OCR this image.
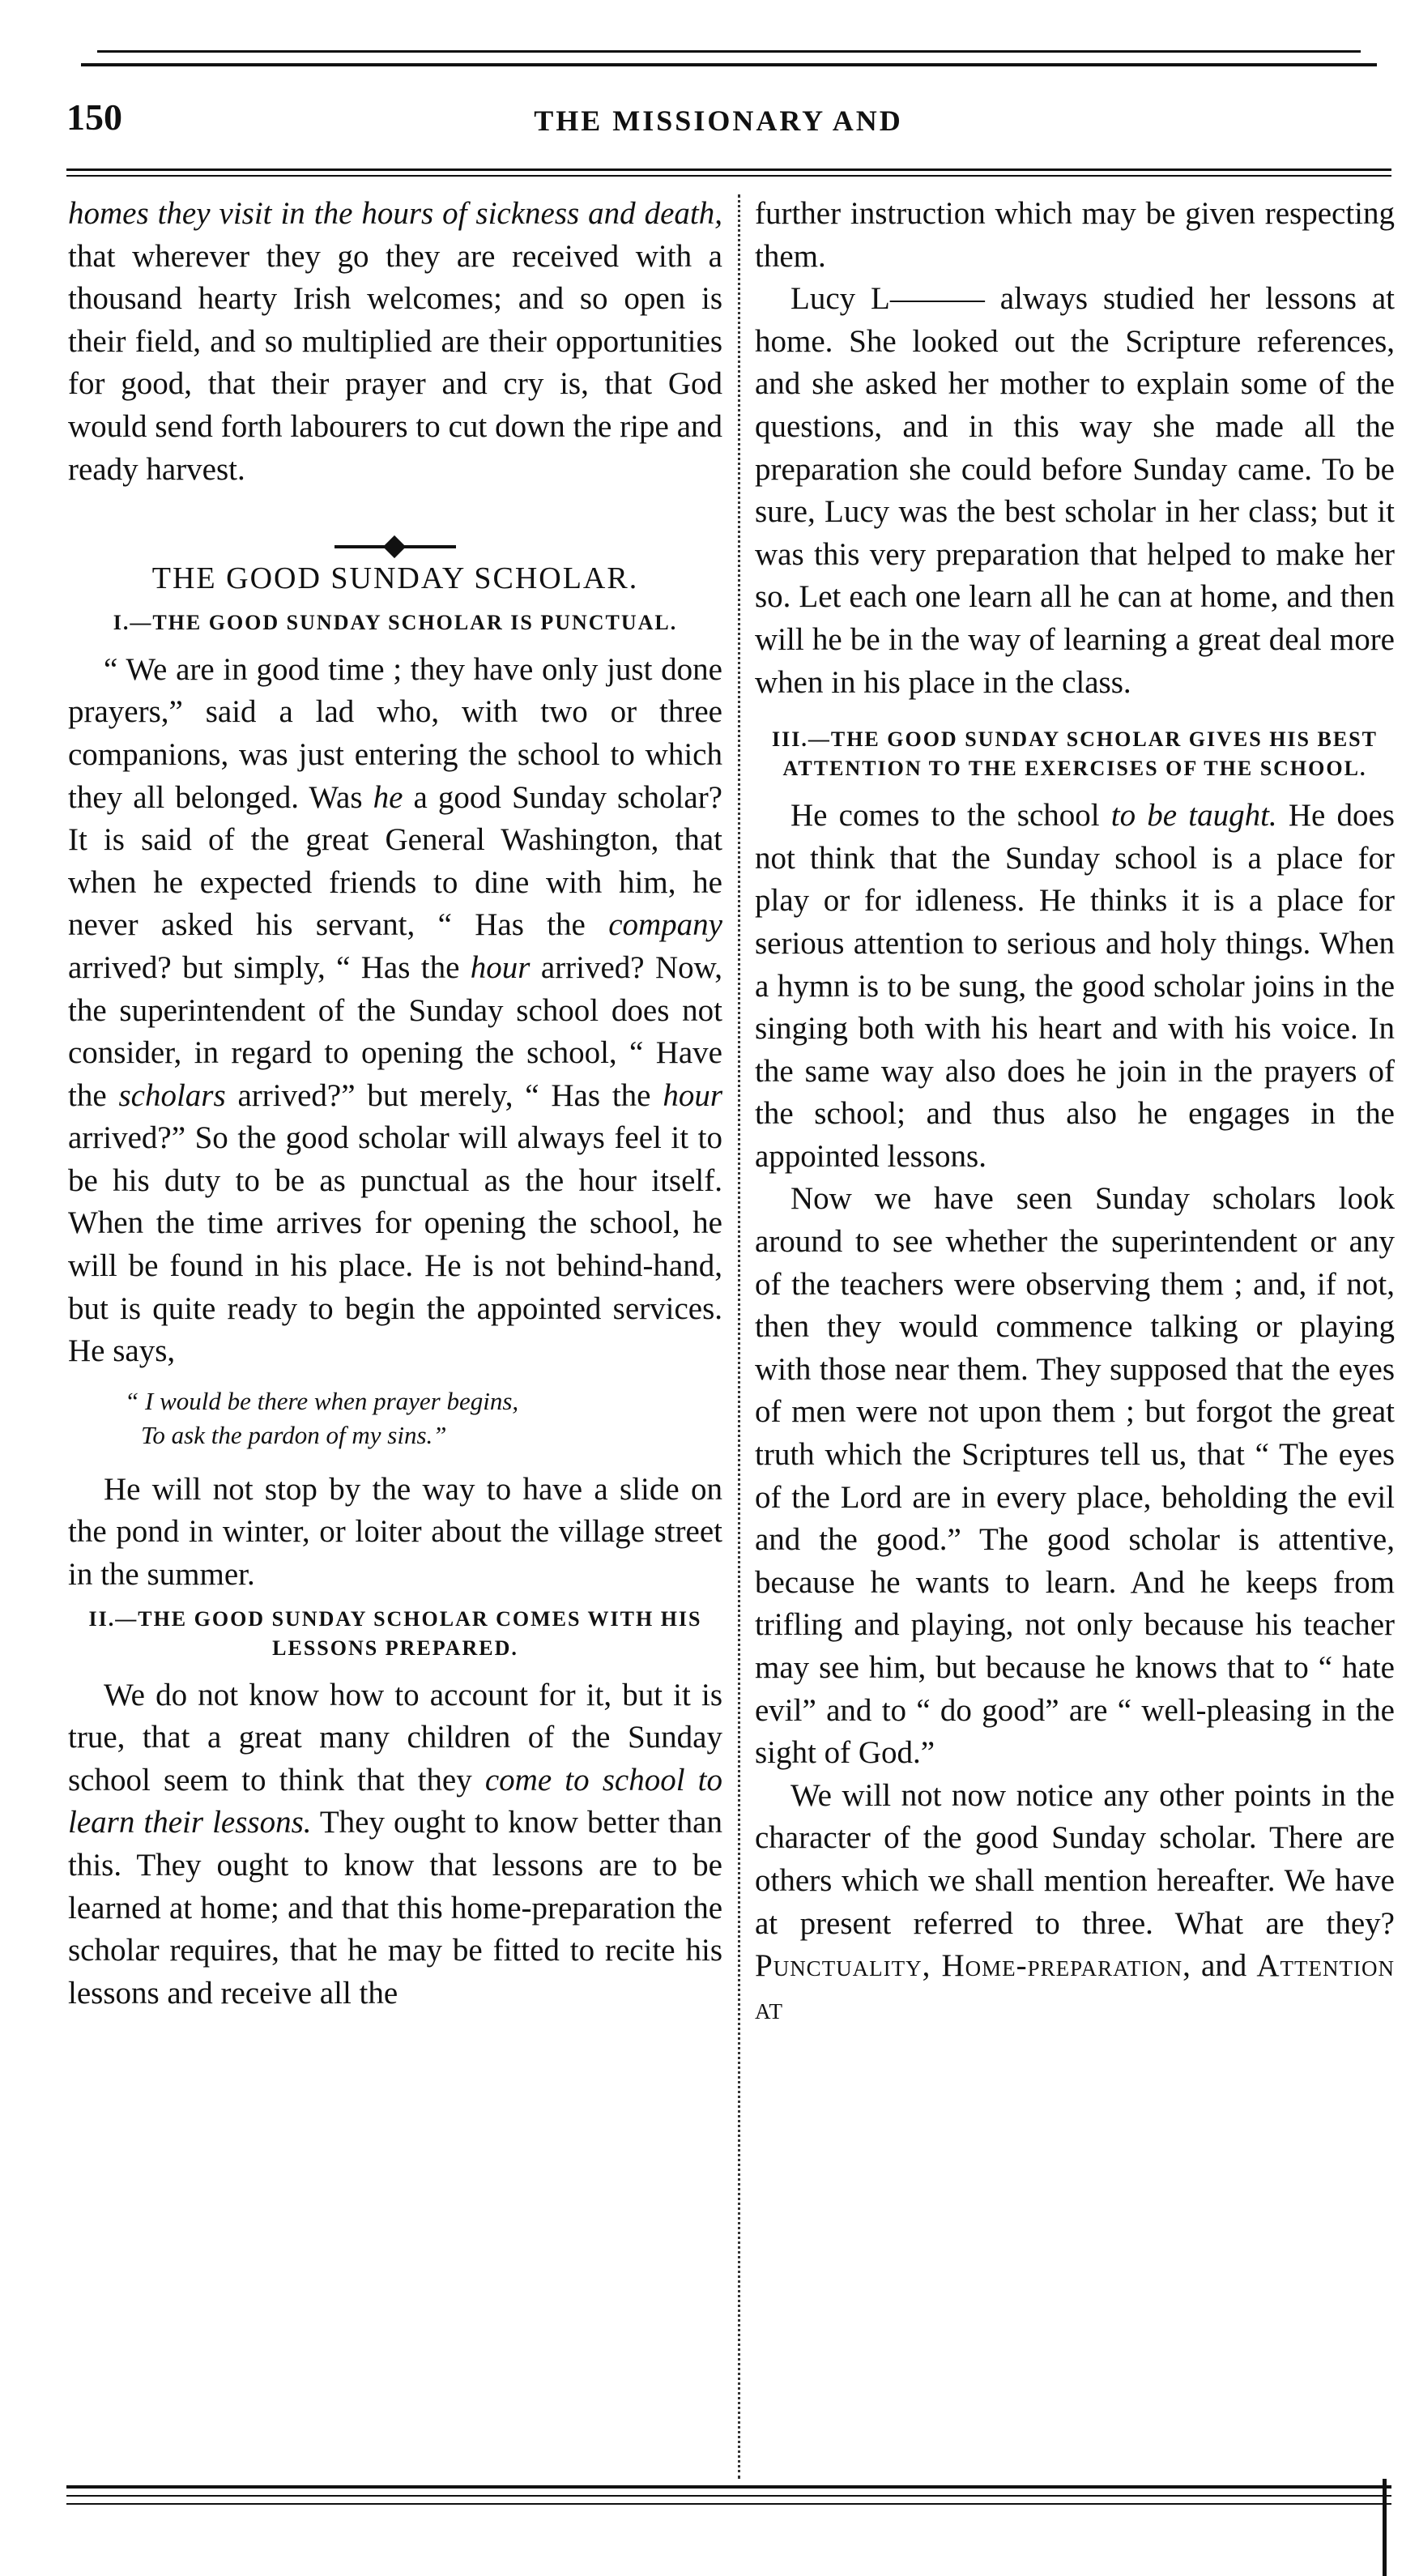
150	THE MISSIONARY AND

homes they visit in the hours of sickness and death, that wherever they go they are received with a thousand hearty Irish welcomes; and so open is their field, and so multiplied are their opportunities for good, that their prayer and cry is, that God would send forth labourers to cut down the ripe and ready harvest.

THE GOOD SUNDAY SCHOLAR.
I.—THE GOOD SUNDAY SCHOLAR IS PUNCTUAL.

“ We are in good time ; they have only just done prayers,” said a lad who, with two or three companions, was just entering the school to which they all belonged. Was he a good Sunday scholar? It is said of the great General Washington, that when he expected friends to dine with him, he never asked his servant, “ Has the company arrived? but simply, “ Has the hour arrived? Now, the superintendent of the Sunday school does not consider, in regard to opening the school, “ Have the scholars arrived?” but merely, “ Has the hour arrived?” So the good scholar will always feel it to be his duty to be as punctual as the hour itself. When the time arrives for opening the school, he will be found in his place. He is not behind-hand, but is quite ready to begin the appointed services. He says,

“ I would be there when prayer begins,
To ask the pardon of my sins.”

He will not stop by the way to have a slide on the pond in winter, or loiter about the village street in the summer.

II.—THE GOOD SUNDAY SCHOLAR COMES WITH HIS LESSONS PREPARED.

We do not know how to account for it, but it is true, that a great many children of the Sunday school seem to think that they come to school to learn their lessons. They ought to know better than this. They ought to know that lessons are to be learned at home; and that this home-preparation the scholar requires, that he may be fitted to recite his lessons and receive all the

further instruction which may be given respecting them.

Lucy L——— always studied her lessons at home. She looked out the Scripture references, and she asked her mother to explain some of the questions, and in this way she made all the preparation she could before Sunday came. To be sure, Lucy was the best scholar in her class; but it was this very preparation that helped to make her so. Let each one learn all he can at home, and then will he be in the way of learning a great deal more when in his place in the class.

III.—THE GOOD SUNDAY SCHOLAR GIVES HIS BEST ATTENTION TO THE EXERCISES OF THE SCHOOL.

He comes to the school to be taught. He does not think that the Sunday school is a place for play or for idleness. He thinks it is a place for serious attention to serious and holy things. When a hymn is to be sung, the good scholar joins in the singing both with his heart and with his voice. In the same way also does he join in the prayers of the school; and thus also he engages in the appointed lessons.

Now we have seen Sunday scholars look around to see whether the superintendent or any of the teachers were observing them ; and, if not, then they would commence talking or playing with those near them. They supposed that the eyes of men were not upon them ; but forgot the great truth which the Scriptures tell us, that “ The eyes of the Lord are in every place, beholding the evil and the good.” The good scholar is attentive, because he wants to learn. And he keeps from trifling and playing, not only because his teacher may see him, but because he knows that to “ hate evil” and to “ do good” are “ well-pleasing in the sight of God.”

We will not now notice any other points in the character of the good Sunday scholar. There are others which we shall mention hereafter. We have at present referred to three. What are they? Punctuality, Home-preparation, and Attention at
